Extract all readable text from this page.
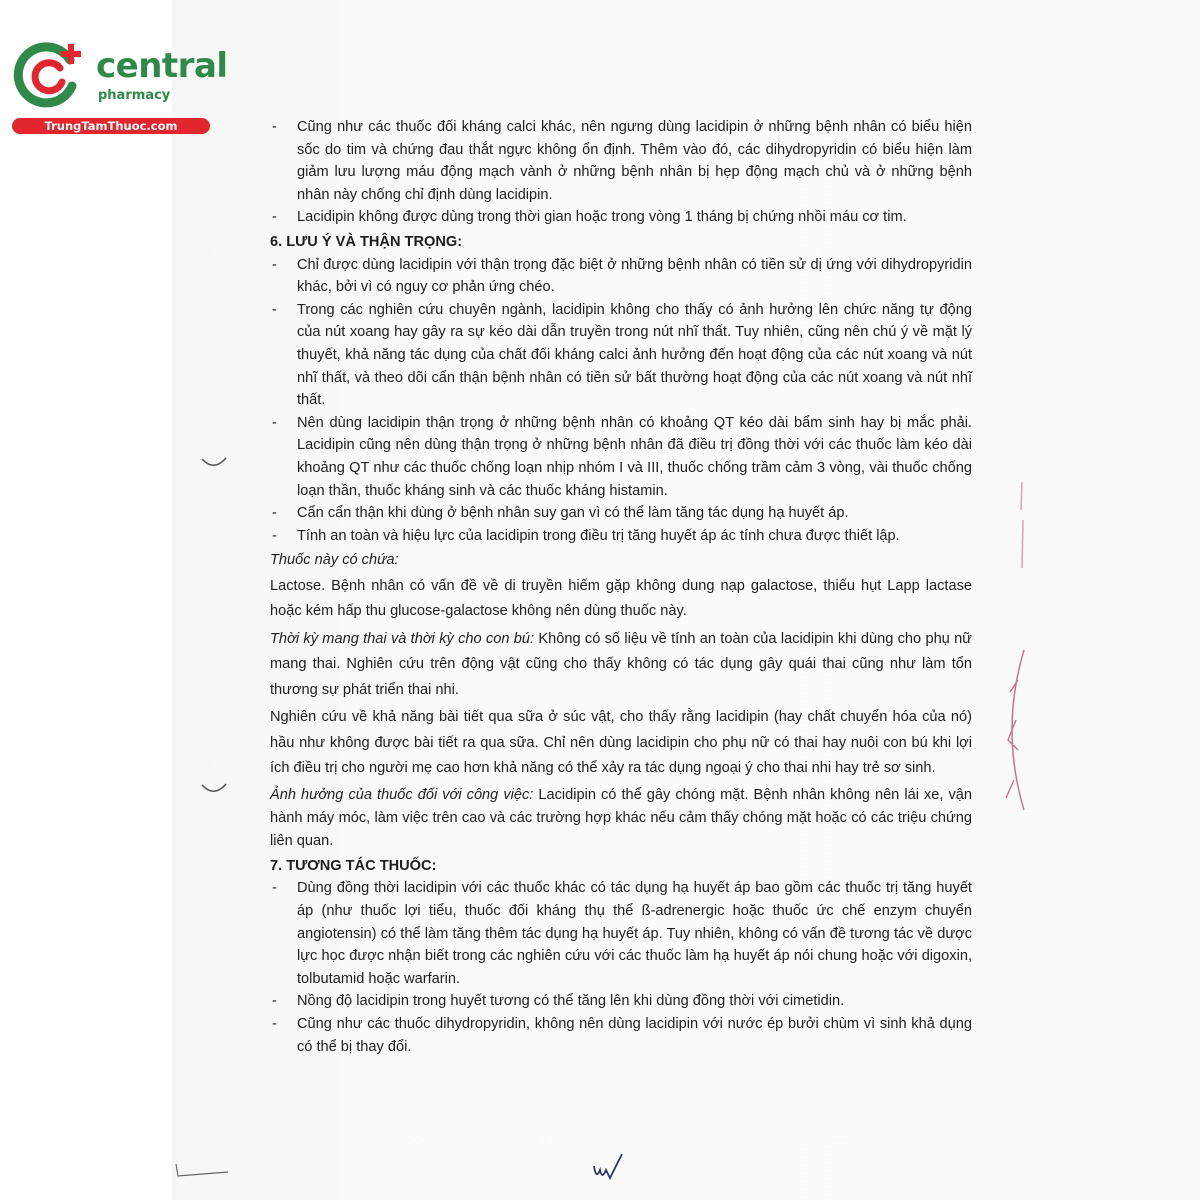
central
pharmacy
TrungTamThuoc.com
-	Cũng như các thuốc đối kháng calci khác, nên ngưng dùng lacidipin ở những bệnh nhân có biểu hiện sốc do tim và chứng đau thắt ngực không ổn định. Thêm vào đó, các dihydropyridin có biểu hiện làm giảm lưu lượng máu động mạch vành ở những bệnh nhân bị hẹp động mạch chủ và ở những bệnh nhân này chống chỉ định dùng lacidipin.
- Lacidipin không được dùng trong thời gian hoặc trong vòng 1 tháng bị chứng nhồi máu cơ tim.
6. LƯU Ý VÀ THẬN TRỌNG:
- Chỉ được dùng lacidipin với thận trọng đặc biệt ở những bệnh nhân có tiền sử dị ứng với dihydropyridin khác, bởi vì có nguy cơ phản ứng chéo.
- Trong các nghiên cứu chuyên ngành, lacidipin không cho thấy có ảnh hưởng lên chức năng tự động của nút xoang hay gây ra sự kéo dài dẫn truyền trong nút nhĩ thất. Tuy nhiên, cũng nên chú ý về mặt lý thuyết, khả năng tác dụng của chất đối kháng calci ảnh hưởng đến hoạt động của các nút xoang và nút nhĩ thất, và theo dõi cẩn thận bệnh nhân có tiền sử bất thường hoạt động của các nút xoang và nút nhĩ thất.
- Nên dùng lacidipin thận trọng ở những bệnh nhân có khoảng QT kéo dài bẩm sinh hay bị mắc phải. Lacidipin cũng nên dùng thận trọng ở những bệnh nhân đã điều trị đồng thời với các thuốc làm kéo dài khoảng QT như các thuốc chống loạn nhịp nhóm I và III, thuốc chống trầm cảm 3 vòng, vài thuốc chống loạn thần, thuốc kháng sinh và các thuốc kháng histamin.
- Cẩn cẩn thận khi dùng ở bệnh nhân suy gan vì có thể làm tăng tác dụng hạ huyết áp.
- Tính an toàn và hiệu lực của lacidipin trong điều trị tăng huyết áp ác tính chưa được thiết lập.
Thuốc này có chứa:
Lactose. Bệnh nhân có vấn đề về di truyền hiếm gặp không dung nạp galactose, thiếu hụt Lapp lactase hoặc kém hấp thu glucose-galactose không nên dùng thuốc này.
Thời kỳ mang thai và thời kỳ cho con bú: Không có số liệu về tính an toàn của lacidipin khi dùng cho phụ nữ mang thai. Nghiên cứu trên động vật cũng cho thấy không có tác dụng gây quái thai cũng như làm tổn thương sự phát triển thai nhi.
Nghiên cứu về khả năng bài tiết qua sữa ở súc vật, cho thấy rằng lacidipin (hay chất chuyển hóa của nó) hầu như không được bài tiết ra qua sữa. Chỉ nên dùng lacidipin cho phụ nữ có thai hay nuôi con bú khi lợi ích điều trị cho người mẹ cao hơn khả năng có thể xảy ra tác dụng ngoại ý cho thai nhi hay trẻ sơ sinh.
Ảnh hưởng của thuốc đối với công việc: Lacidipin có thể gây chóng mặt. Bệnh nhân không nên lái xe, vận hành máy móc, làm việc trên cao và các trường hợp khác nếu cảm thấy chóng mặt hoặc có các triệu chứng liên quan.
7. TƯƠNG TÁC THUỐC:
- Dùng đồng thời lacidipin với các thuốc khác có tác dụng hạ huyết áp bao gồm các thuốc trị tăng huyết áp (như thuốc lợi tiểu, thuốc đối kháng thụ thể ß-adrenergic hoặc thuốc ức chế enzym chuyển angiotensin) có thể làm tăng thêm tác dụng hạ huyết áp. Tuy nhiên, không có vấn đề tương tác về dược lực học được nhận biết trong các nghiên cứu với các thuốc làm hạ huyết áp nói chung hoặc với digoxin, tolbutamid hoặc warfarin.
- Nồng độ lacidipin trong huyết tương có thể tăng lên khi dùng đồng thời với cimetidin.
- Cũng như các thuốc dihydropyridin, không nên dùng lacidipin với nước ép bưởi chùm vì sinh khả dụng có thể bị thay đổi.
